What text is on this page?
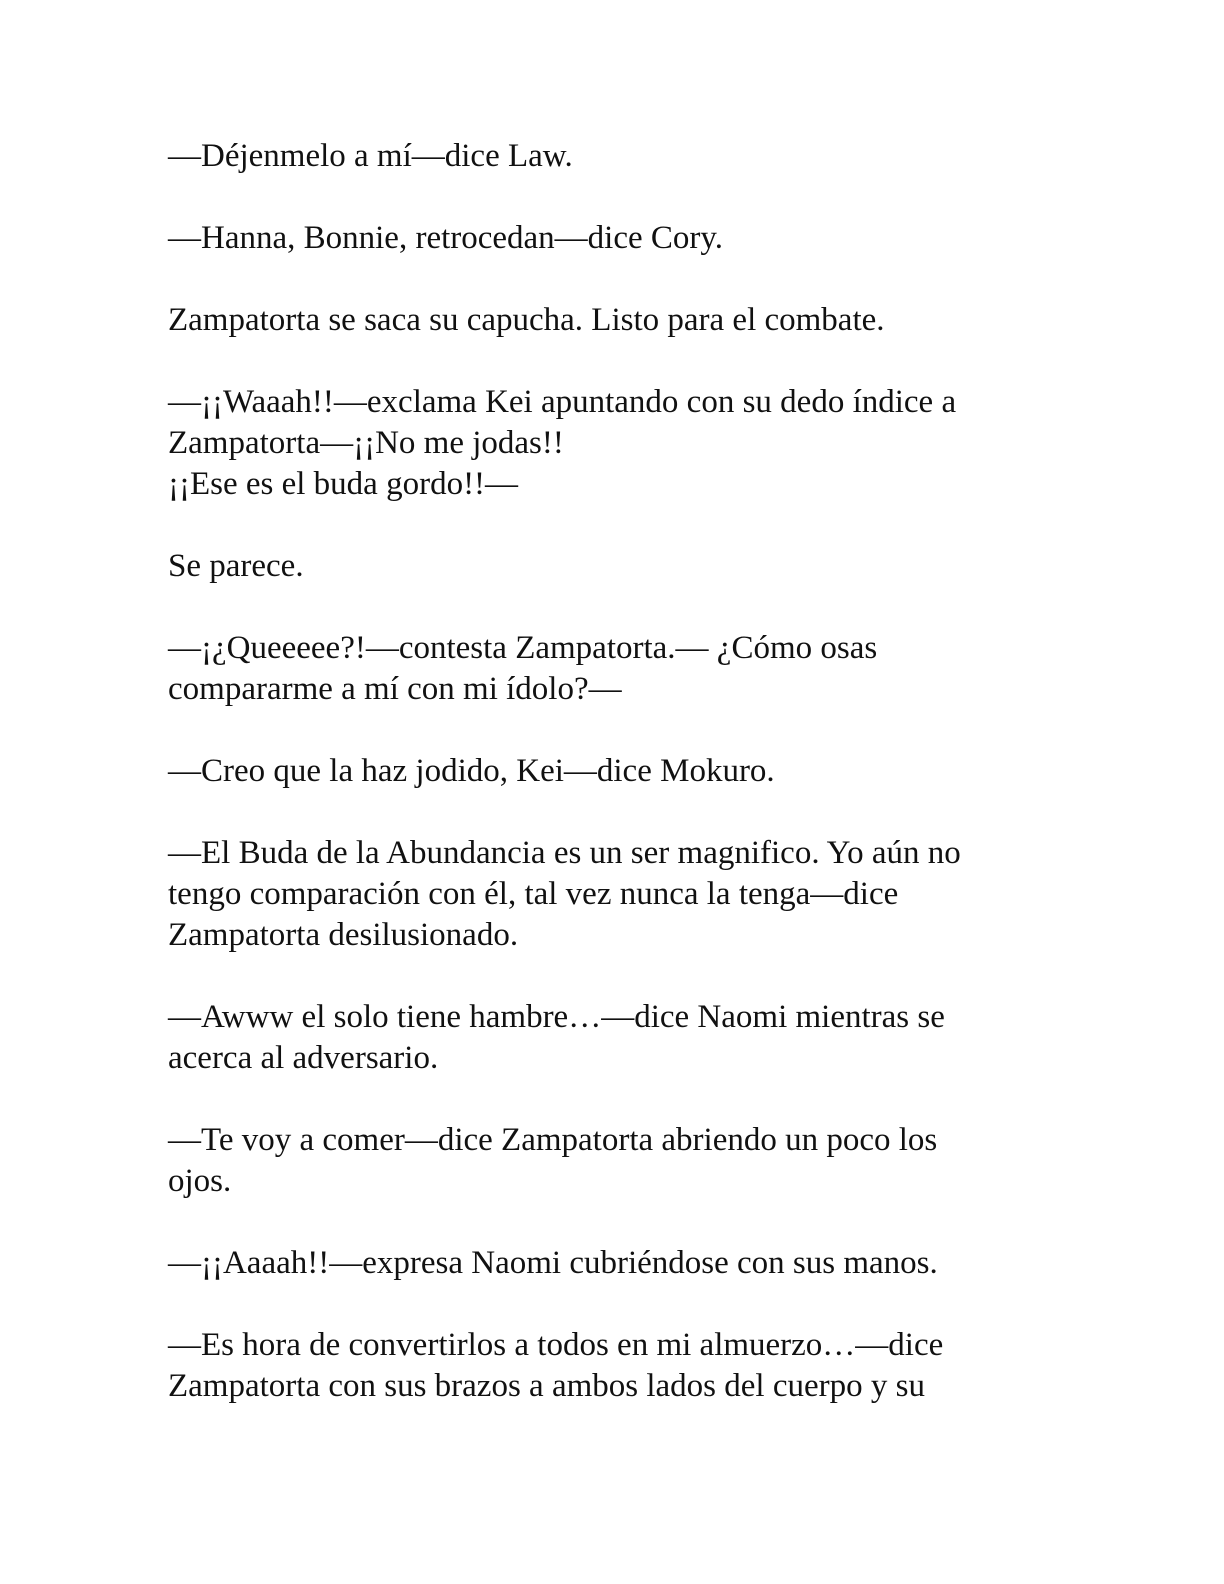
—Déjenmelo a mí—dice Law.

—Hanna, Bonnie, retrocedan—dice Cory.

Zampatorta se saca su capucha. Listo para el combate.

—¡¡Waaah!!—exclama Kei apuntando con su dedo índice a
Zampatorta—¡¡No me jodas!!
¡¡Ese es el buda gordo!!—

Se parece.

—¡¿Queeeee?!—contesta Zampatorta.— ¿Cómo osas
compararme a mí con mi ídolo?—

—Creo que la haz jodido, Kei—dice Mokuro.

—El Buda de la Abundancia es un ser magnifico. Yo aún no
tengo comparación con él, tal vez nunca la tenga—dice
Zampatorta desilusionado.

—Awww el solo tiene hambre…—dice Naomi mientras se
acerca al adversario.

—Te voy a comer—dice Zampatorta abriendo un poco los
ojos.

—¡¡Aaaah!!—expresa Naomi cubriéndose con sus manos.

—Es hora de convertirlos a todos en mi almuerzo…—dice
Zampatorta con sus brazos a ambos lados del cuerpo y su
